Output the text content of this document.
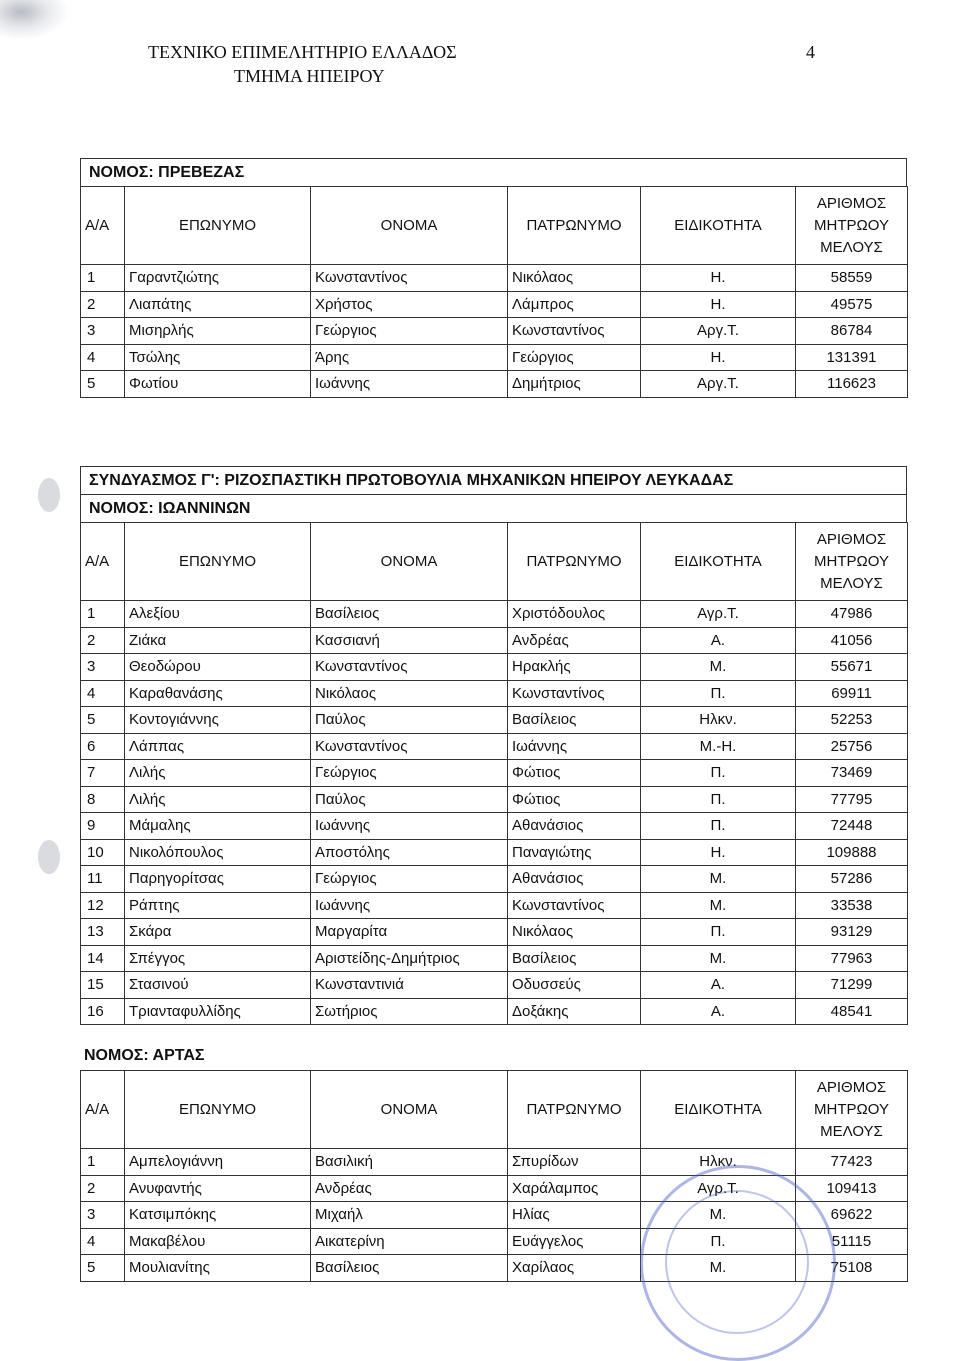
ΤΕΧΝΙΚΟ ΕΠΙΜΕΛΗΤΗΡΙΟ ΕΛΛΑΔΟΣ
ΤΜΗΜΑ ΗΠΕΙΡΟΥ
4
ΝΟΜΟΣ: ΠΡΕΒΕΖΑΣ
Α/Α	ΕΠΩΝΥΜΟ	ΟΝΟΜΑ	ΠΑΤΡΩΝΥΜΟ	ΕΙΔΙΚΟΤΗΤΑ	ΑΡΙΘΜΟΣ
ΜΗΤΡΩΟΥ
ΜΕΛΟΥΣ
1	Γαραντζιώτης	Κωνσταντίνος	Νικόλαος	Η.	58559
2	Λιαπάτης	Χρήστος	Λάμπρος	Η.	49575
3	Μισηρλής	Γεώργιος	Κωνσταντίνος	Αργ.Τ.	86784
4	Τσώλης	Άρης	Γεώργιος	Η.	131391
5	Φωτίου	Ιωάννης	Δημήτριος	Αργ.Τ.	116623
ΣΥΝΔΥΑΣΜΟΣ Γ': ΡΙΖΟΣΠΑΣΤΙΚΗ ΠΡΩΤΟΒΟΥΛΙΑ ΜΗΧΑΝΙΚΩΝ ΗΠΕΙΡΟΥ ΛΕΥΚΑΔΑΣ
ΝΟΜΟΣ: ΙΩΑΝΝΙΝΩΝ
Α/Α	ΕΠΩΝΥΜΟ	ΟΝΟΜΑ	ΠΑΤΡΩΝΥΜΟ	ΕΙΔΙΚΟΤΗΤΑ	ΑΡΙΘΜΟΣ
ΜΗΤΡΩΟΥ
ΜΕΛΟΥΣ
1	Αλεξίου	Βασίλειος	Χριστόδουλος	Αγρ.Τ.	47986
2	Ζιάκα	Κασσιανή	Ανδρέας	Α.	41056
3	Θεοδώρου	Κωνσταντίνος	Ηρακλής	Μ.	55671
4	Καραθανάσης	Νικόλαος	Κωνσταντίνος	Π.	69911
5	Κοντογιάννης	Παύλος	Βασίλειος	Ηλκν.	52253
6	Λάππας	Κωνσταντίνος	Ιωάννης	Μ.-Η.	25756
7	Λιλής	Γεώργιος	Φώτιος	Π.	73469
8	Λιλής	Παύλος	Φώτιος	Π.	77795
9	Μάμαλης	Ιωάννης	Αθανάσιος	Π.	72448
10	Νικολόπουλος	Αποστόλης	Παναγιώτης	Η.	109888
11	Παρηγορίτσας	Γεώργιος	Αθανάσιος	Μ.	57286
12	Ράπτης	Ιωάννης	Κωνσταντίνος	Μ.	33538
13	Σκάρα	Μαργαρίτα	Νικόλαος	Π.	93129
14	Σπέγγος	Αριστείδης-Δημήτριος	Βασίλειος	Μ.	77963
15	Στασινού	Κωνσταντινιά	Οδυσσεύς	Α.	71299
16	Τριανταφυλλίδης	Σωτήριος	Δοξάκης	Α.	48541
ΝΟΜΟΣ: ΑΡΤΑΣ
Α/Α	ΕΠΩΝΥΜΟ	ΟΝΟΜΑ	ΠΑΤΡΩΝΥΜΟ	ΕΙΔΙΚΟΤΗΤΑ	ΑΡΙΘΜΟΣ
ΜΗΤΡΩΟΥ
ΜΕΛΟΥΣ
1	Αμπελογιάννη	Βασιλική	Σπυρίδων	Ηλκν.	77423
2	Ανυφαντής	Ανδρέας	Χαράλαμπος	Αγρ.Τ.	109413
3	Κατσιμπόκης	Μιχαήλ	Ηλίας	Μ.	69622
4	Μακαβέλου	Αικατερίνη	Ευάγγελος	Π.	51115
5	Μουλιανίτης	Βασίλειος	Χαρίλαος	Μ.	75108
